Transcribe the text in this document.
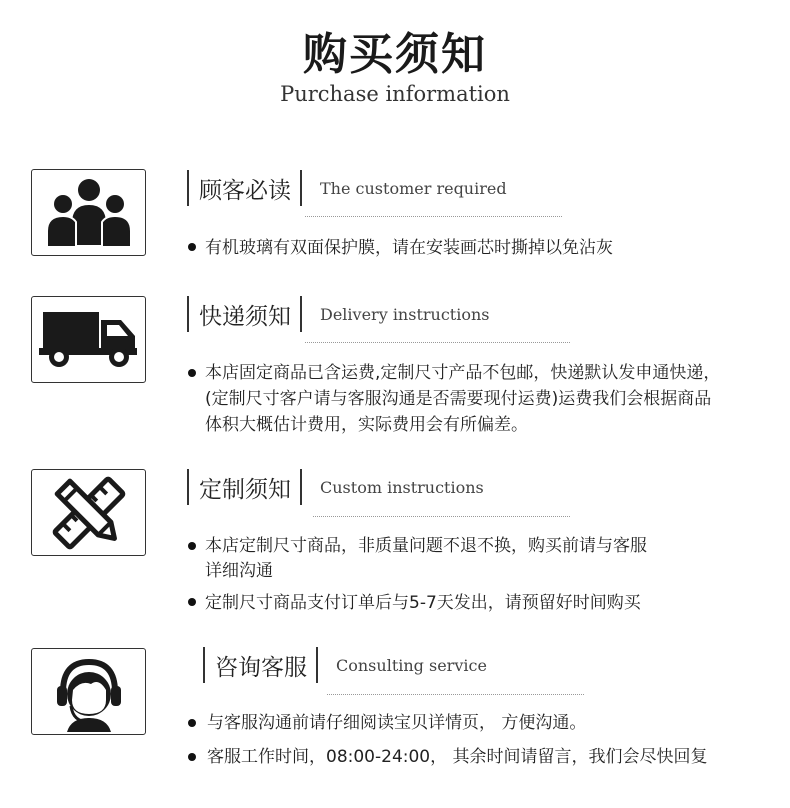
购买须知
Purchase information
顾客必读	The customer required
有机玻璃有双面保护膜，请在安装画芯时撕掉以免沾灰
快递须知	Delivery instructions
本店固定商品已含运费,定制尺寸产品不包邮，快递默认发申通快递，
(定制尺寸客户请与客服沟通是否需要现付运费)运费我们会根据商品
体积大概估计费用，实际费用会有所偏差。
定制须知	Custom instructions
本店定制尺寸商品，非质量问题不退不换，购买前请与客服
详细沟通
定制尺寸商品支付订单后与5-7天发出，请预留好时间购买
咨询客服	Consulting service
与客服沟通前请仔细阅读宝贝详情页， 方便沟通。
客服工作时间，08:00-24:00， 其余时间请留言，我们会尽快回复
